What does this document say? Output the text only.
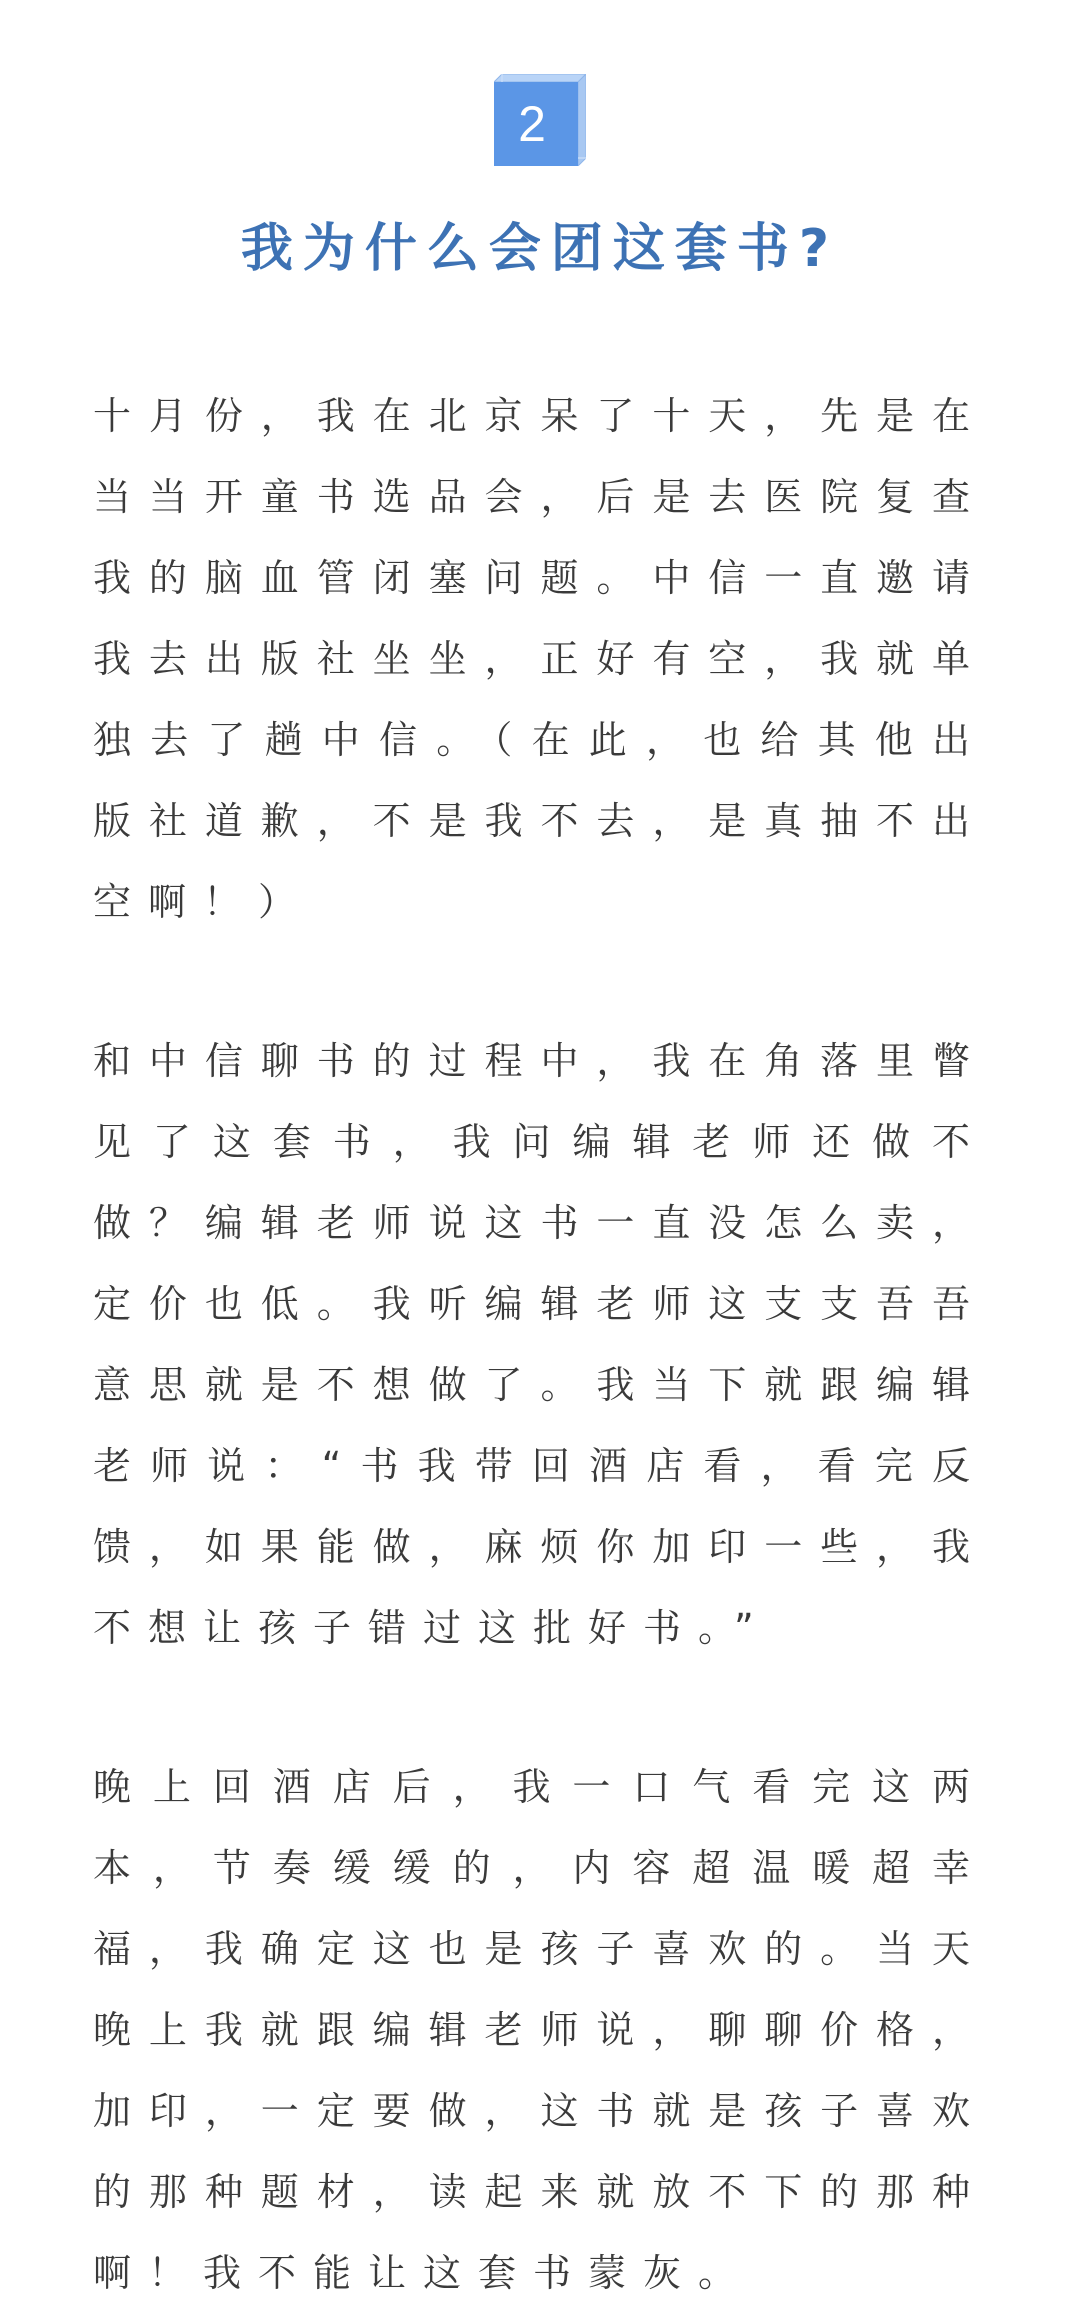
2
我为什么会团这套书?

十月份，我在北京呆了十天，先是在当当开童书选品会，后是去医院复查我的脑血管闭塞问题。中信一直邀请我去出版社坐坐，正好有空，我就单独去了趟中信。（在此，也给其他出版社道歉，不是我不去，是真抽不出空啊！）

和中信聊书的过程中，我在角落里瞥见了这套书，我问编辑老师还做不做？编辑老师说这书一直没怎么卖，定价也低。我听编辑老师这支支吾吾意思就是不想做了。我当下就跟编辑老师说：“书我带回酒店看，看完反馈，如果能做，麻烦你加印一些，我不想让孩子错过这批好书。”

晚上回酒店后，我一口气看完这两本，节奏缓缓的，内容超温暖超幸福，我确定这也是孩子喜欢的。当天晚上我就跟编辑老师说，聊聊价格，加印，一定要做，这书就是孩子喜欢的那种题材，读起来就放不下的那种啊！我不能让这套书蒙灰。
